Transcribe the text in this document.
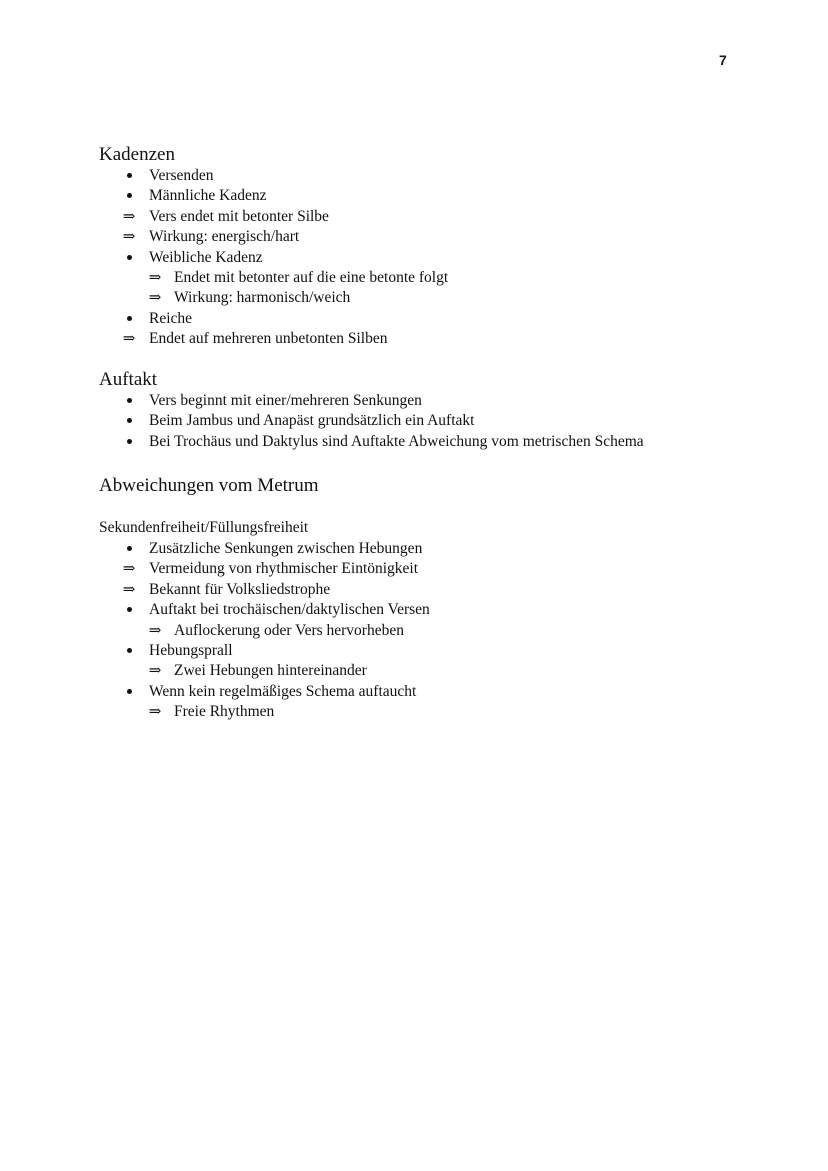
7
Kadenzen
Versenden
Männliche Kadenz
⇒ Vers endet mit betonter Silbe
⇒ Wirkung: energisch/hart
Weibliche Kadenz
⇒ Endet mit betonter auf die eine betonte folgt
⇒ Wirkung: harmonisch/weich
Reiche
⇒ Endet auf mehreren unbetonten Silben
Auftakt
Vers beginnt mit einer/mehreren Senkungen
Beim Jambus und Anapäst grundsätzlich ein Auftakt
Bei Trochäus und Daktylus sind Auftakte Abweichung vom metrischen Schema
Abweichungen vom Metrum
Sekundenfreiheit/Füllungsfreiheit
Zusätzliche Senkungen zwischen Hebungen
⇒ Vermeidung von rhythmischer Eintönigkeit
⇒ Bekannt für Volksliedstrophe
Auftakt bei trochäischen/daktylischen Versen
⇒ Auflockerung oder Vers hervorheben
Hebungsprall
⇒ Zwei Hebungen hintereinander
Wenn kein regelmäßiges Schema auftaucht
⇒ Freie Rhythmen
